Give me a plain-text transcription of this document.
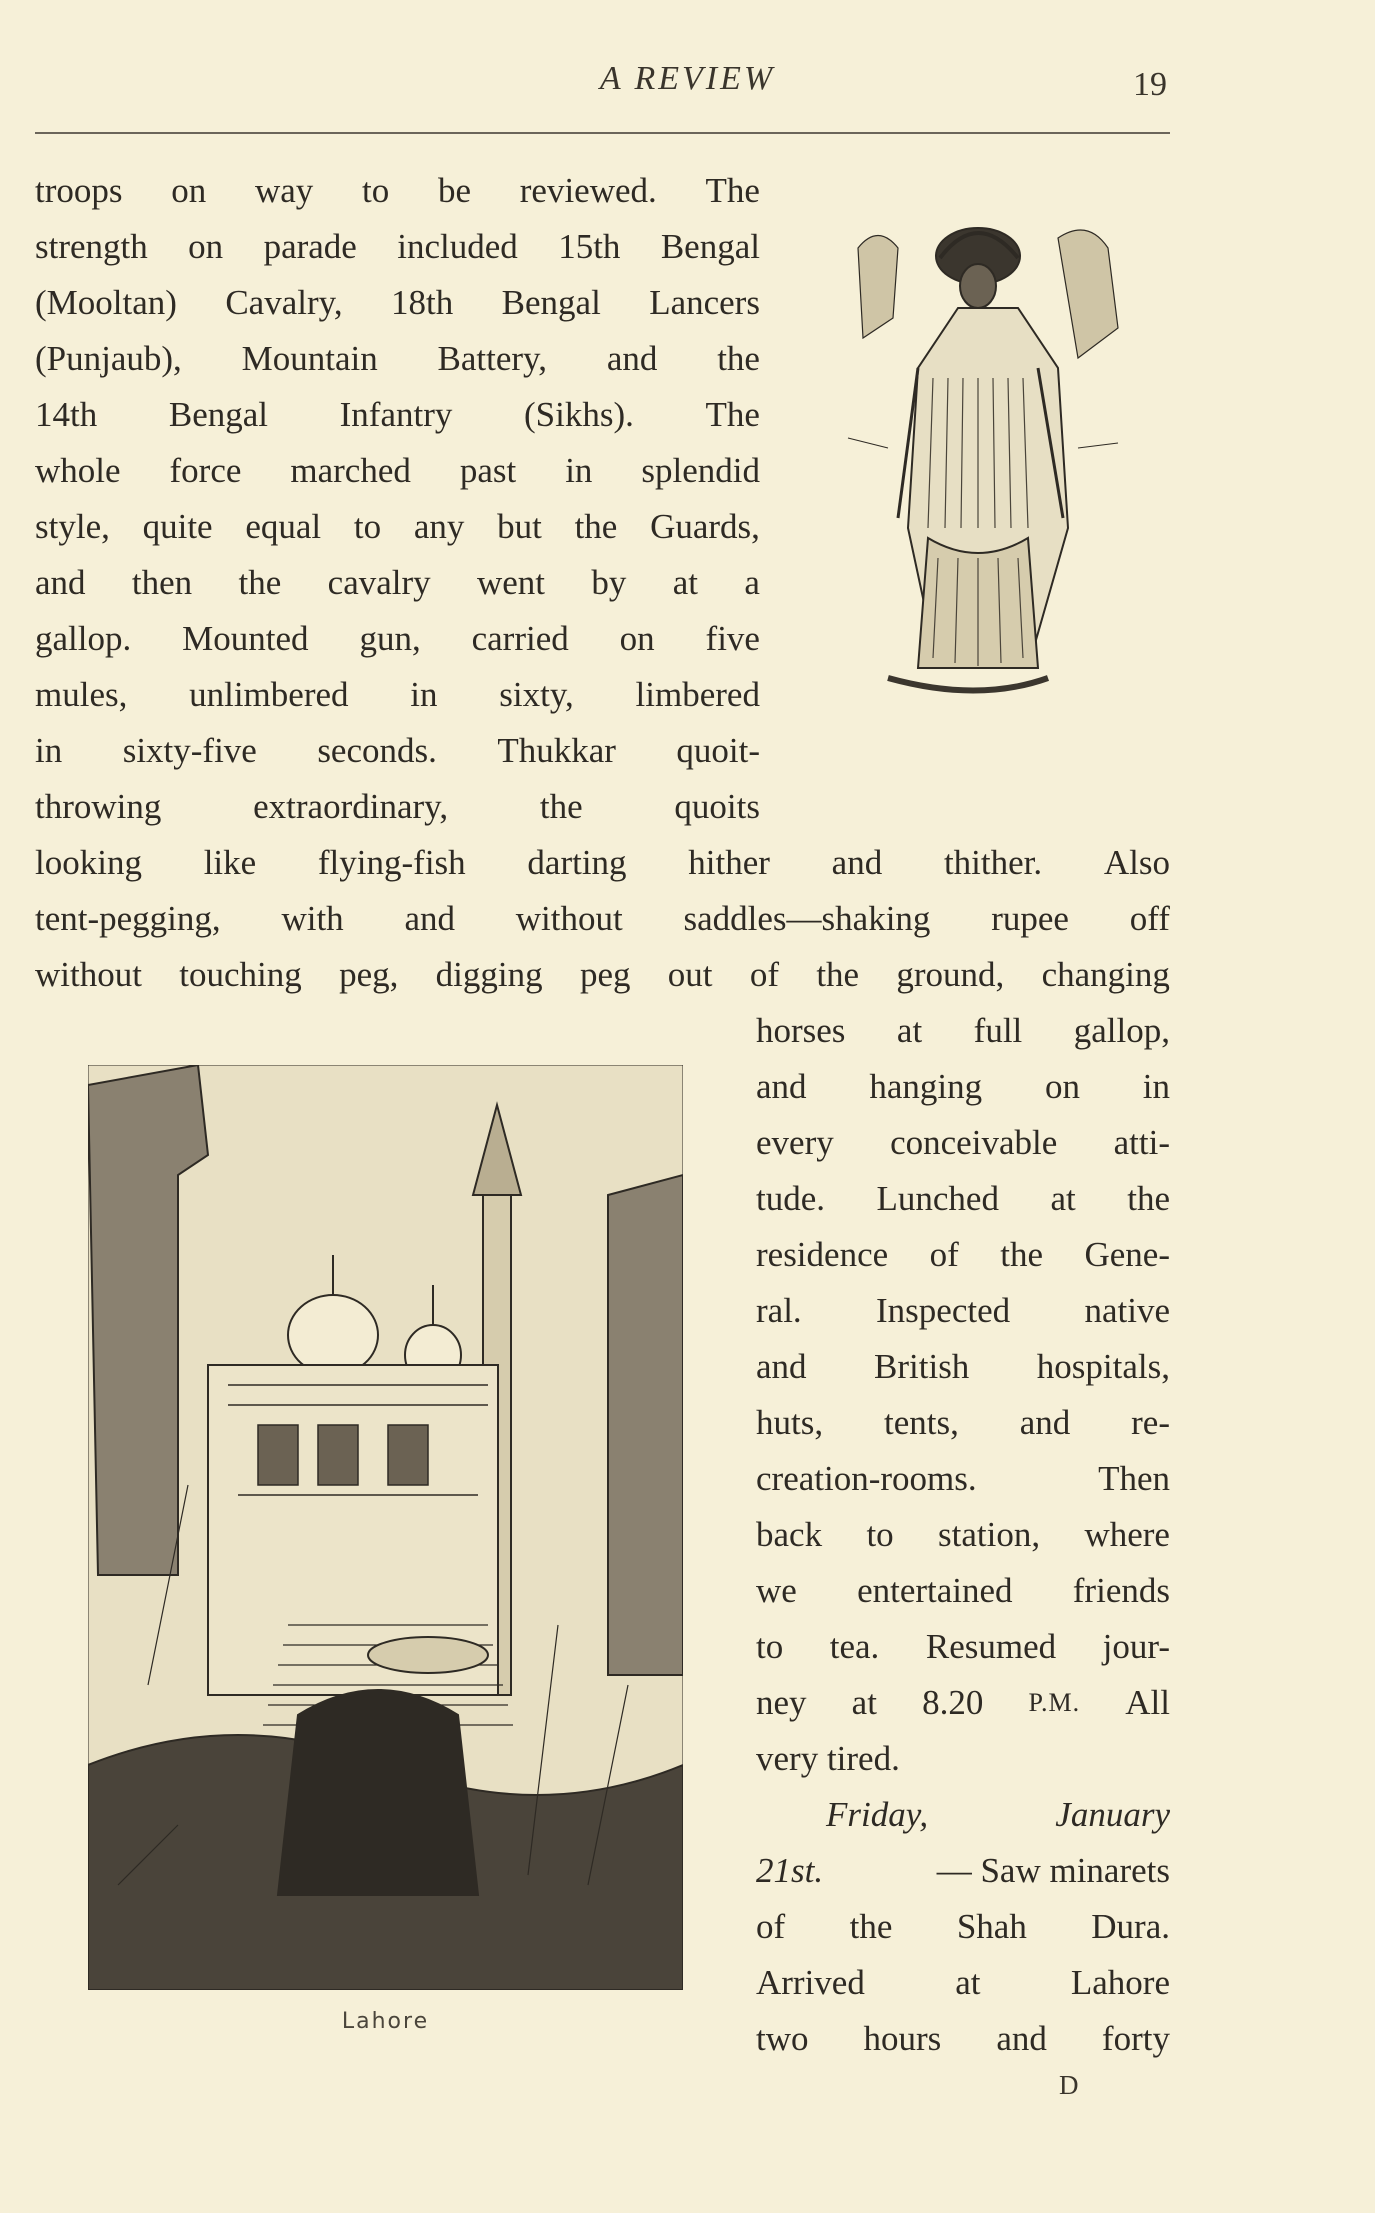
A REVIEW	19
Lahore
troops on way to be reviewed. The
strength on parade included 15th Bengal
(Mooltan) Cavalry, 18th Bengal Lancers
(Punjaub), Mountain Battery, and the
14th Bengal Infantry (Sikhs). The
whole force marched past in splendid
style, quite equal to any but the Guards,
and then the cavalry went by at a
gallop. Mounted gun, carried on five
mules, unlimbered in sixty, limbered
in sixty-five seconds. Thukkar quoit-
throwing	extraordinary,	the	quoits
looking like flying-fish darting hither and thither. Also
tent-pegging, with and without saddles—shaking rupee off
without touching peg, digging peg out of the ground, changing
horses at full gallop,
and hanging on in
every conceivable atti-
tude. Lunched at the
residence of the Gene-
ral. Inspected native
and British hospitals,
huts, tents, and re-
creation-rooms.	Then
back to station, where
we entertained friends
to tea. Resumed jour-
ney at 8.20 P.M. All
very tired.
Friday,	January
21st.	— Saw minarets
of the Shah Dura.
Arrived	at	Lahore
two hours and forty
D
